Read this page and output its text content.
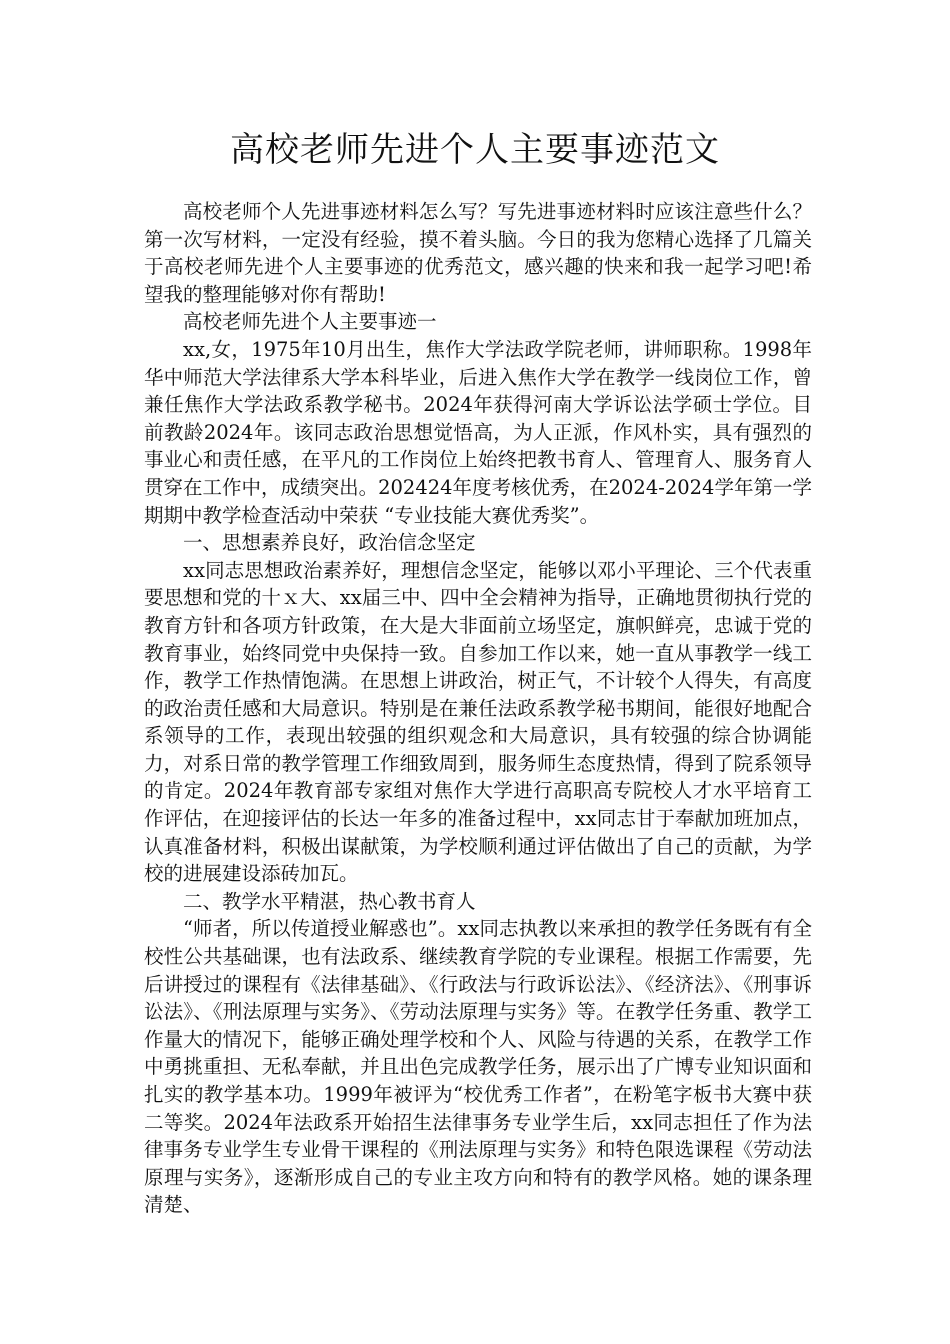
高校老师先进个人主要事迹范文

高校老师个人先进事迹材料怎么写？写先进事迹材料时应该注意些什么？第一次写材料，一定没有经验，摸不着头脑。今日的我为您精心选择了几篇关于高校老师先进个人主要事迹的优秀范文，感兴趣的快来和我一起学习吧!希望我的整理能够对你有帮助!

高校老师先进个人主要事迹一

xx,女，1975年10月出生，焦作大学法政学院老师，讲师职称。1998年华中师范大学法律系大学本科毕业，后进入焦作大学在教学一线岗位工作，曾兼任焦作大学法政系教学秘书。2024年获得河南大学诉讼法学硕士学位。目前教龄2024年。该同志政治思想觉悟高，为人正派，作风朴实，具有强烈的事业心和责任感，在平凡的工作岗位上始终把教书育人、管理育人、服务育人贯穿在工作中，成绩突出。202424年度考核优秀，在2024-2024学年第一学期期中教学检查活动中荣获 “专业技能大赛优秀奖”。

一、思想素养良好，政治信念坚定

xx同志思想政治素养好，理想信念坚定，能够以邓小平理论、三个代表重要思想和党的十ｘ大、xx届三中、四中全会精神为指导，正确地贯彻执行党的教育方针和各项方针政策，在大是大非面前立场坚定，旗帜鲜亮，忠诚于党的教育事业，始终同党中央保持一致。自参加工作以来，她一直从事教学一线工作，教学工作热情饱满。在思想上讲政治，树正气，不计较个人得失，有高度的政治责任感和大局意识。特别是在兼任法政系教学秘书期间，能很好地配合系领导的工作，表现出较强的组织观念和大局意识，具有较强的综合协调能力，对系日常的教学管理工作细致周到，服务师生态度热情，得到了院系领导的肯定。2024年教育部专家组对焦作大学进行高职高专院校人才水平培育工作评估，在迎接评估的长达一年多的准备过程中，xx同志甘于奉献加班加点，认真准备材料，积极出谋献策，为学校顺利通过评估做出了自己的贡献，为学校的进展建设添砖加瓦。

二、教学水平精湛，热心教书育人

“师者，所以传道授业解惑也”。xx同志执教以来承担的教学任务既有有全校性公共基础课，也有法政系、继续教育学院的专业课程。根据工作需要，先后讲授过的课程有《法律基础》、《行政法与行政诉讼法》、《经济法》、《刑事诉讼法》、《刑法原理与实务》、《劳动法原理与实务》等。在教学任务重、教学工作量大的情况下，能够正确处理学校和个人、风险与待遇的关系，在教学工作中勇挑重担、无私奉献，并且出色完成教学任务，展示出了广博专业知识面和扎实的教学基本功。1999年被评为“校优秀工作者”，在粉笔字板书大赛中获二等奖。2024年法政系开始招生法律事务专业学生后，xx同志担任了作为法律事务专业学生专业骨干课程的《刑法原理与实务》和特色限选课程《劳动法原理与实务》，逐渐形成自己的专业主攻方向和特有的教学风格。她的课条理清楚、
